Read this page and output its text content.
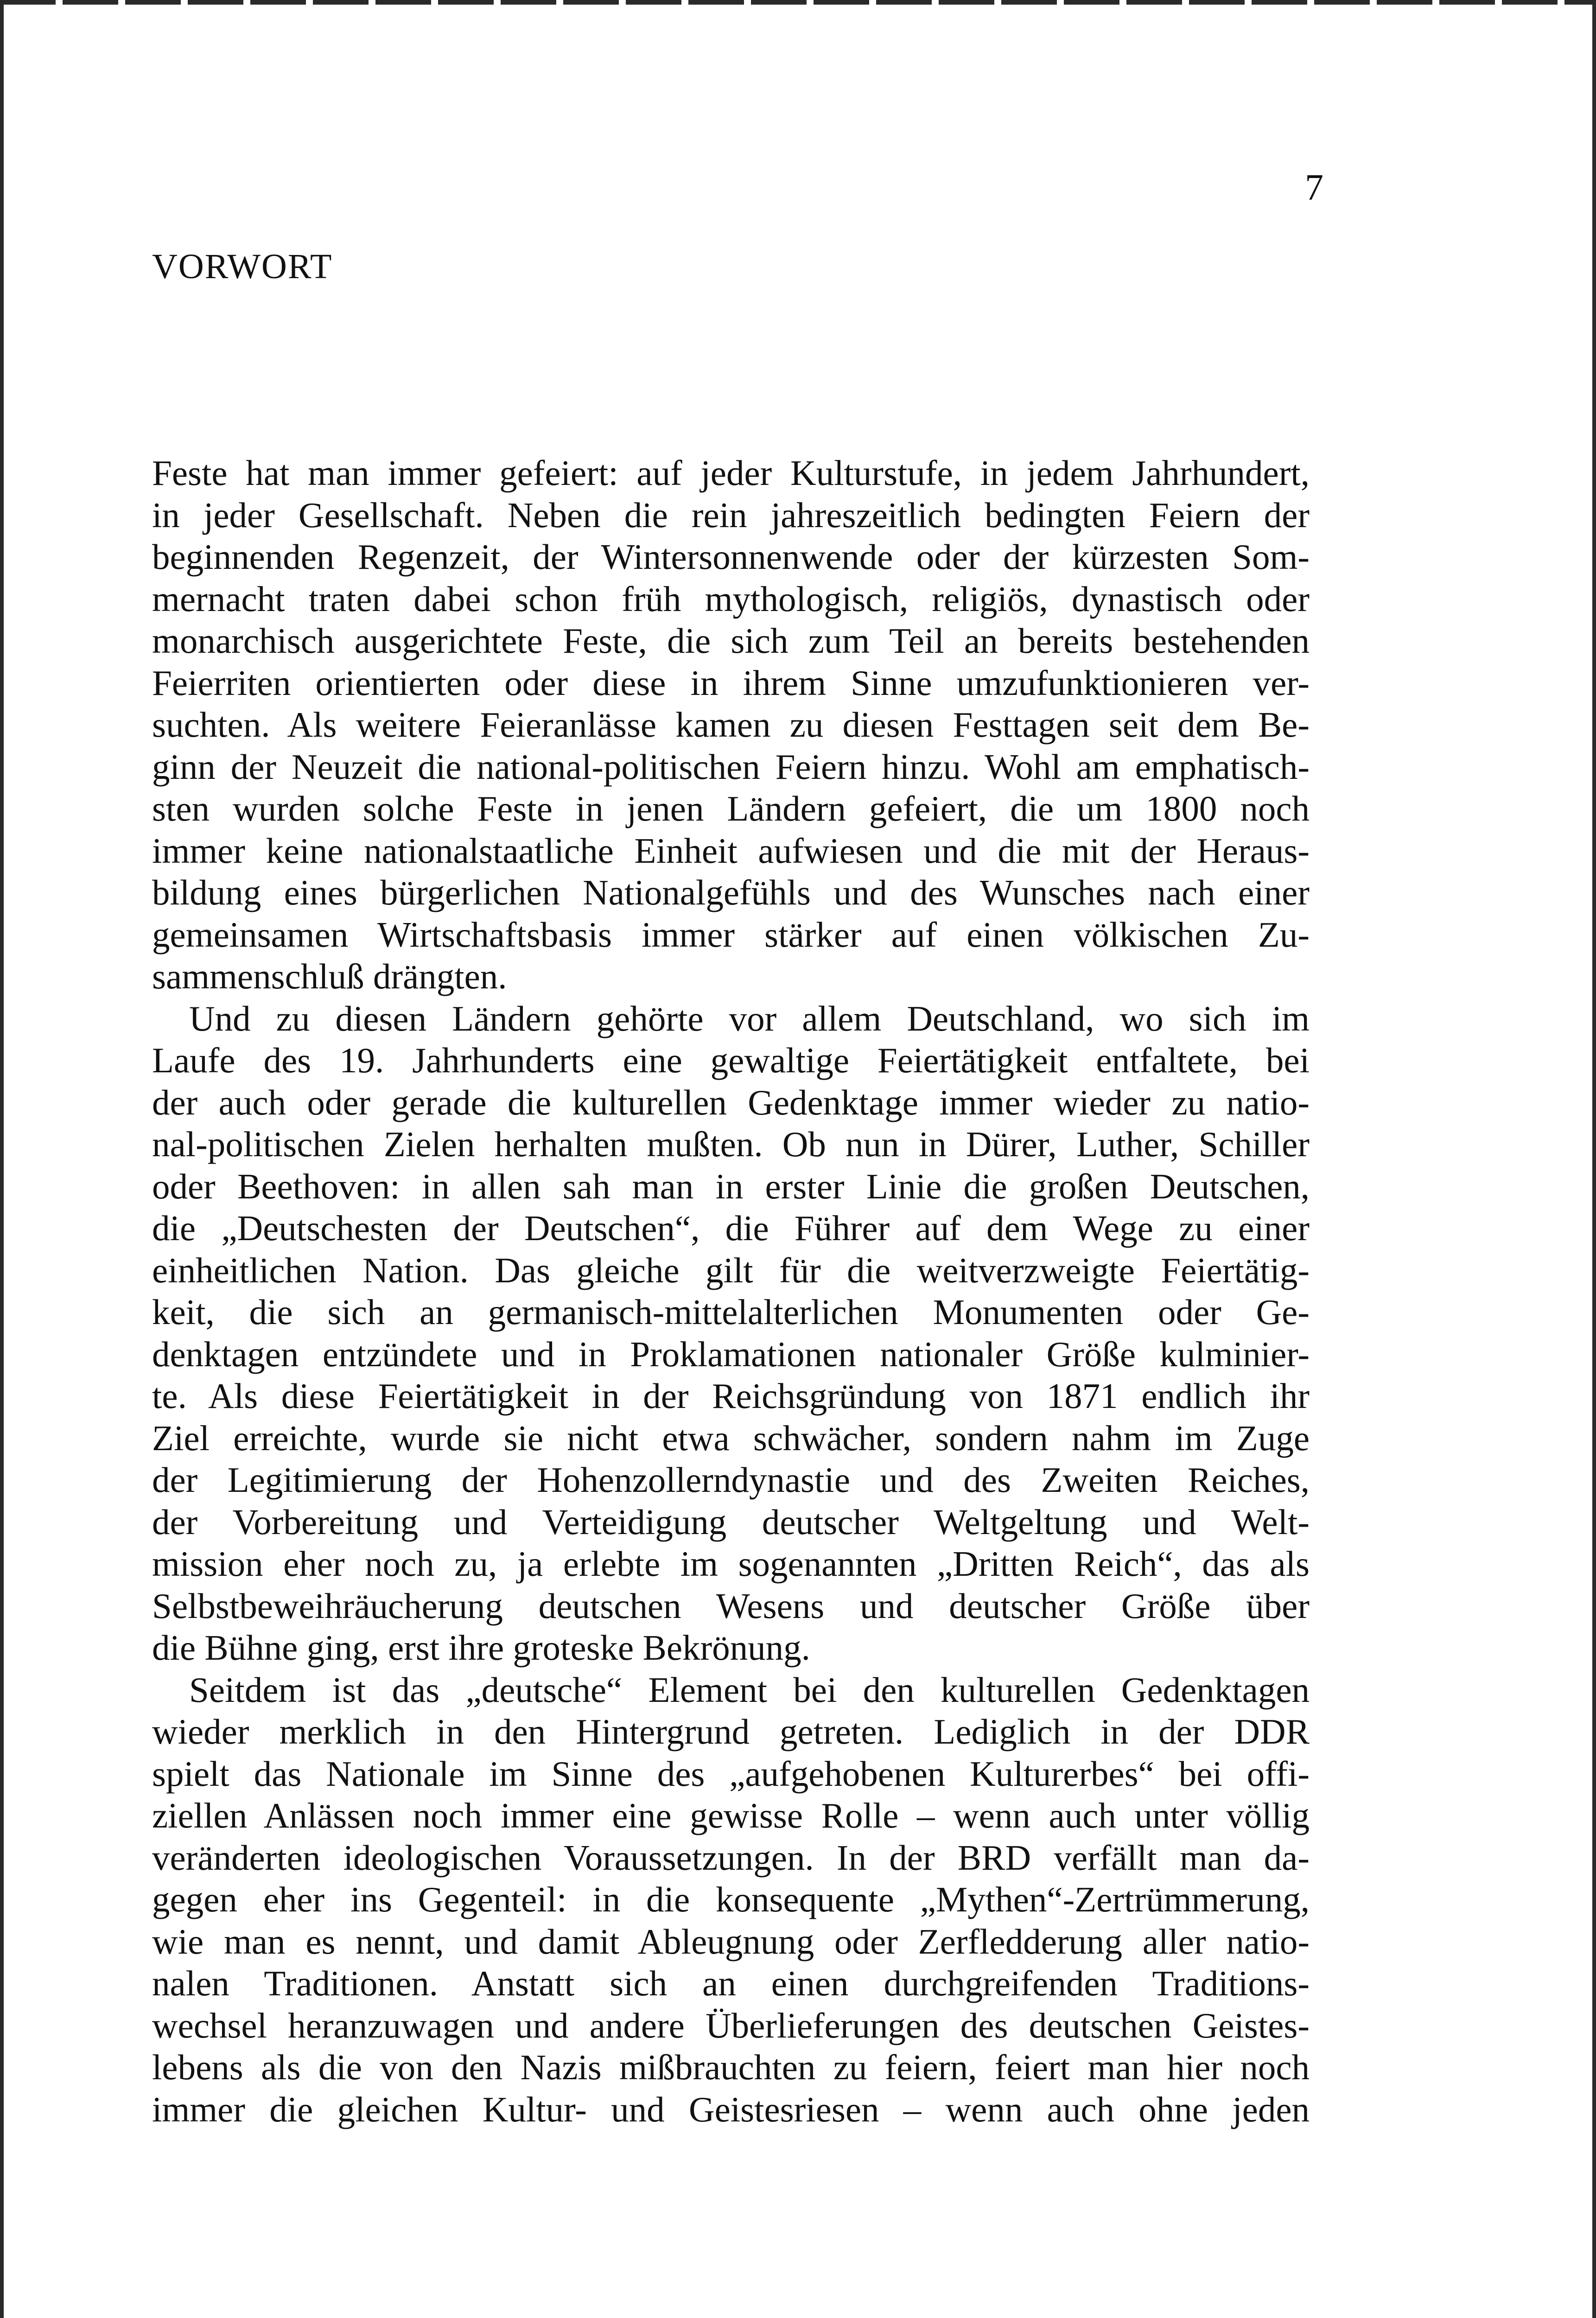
7
VORWORT

Feste hat man immer gefeiert: auf jeder Kulturstufe, in jedem Jahrhundert,
in jeder Gesellschaft. Neben die rein jahreszeitlich bedingten Feiern der
beginnenden Regenzeit, der Wintersonnenwende oder der kürzesten Som-
mernacht traten dabei schon früh mythologisch, religiös, dynastisch oder
monarchisch ausgerichtete Feste, die sich zum Teil an bereits bestehenden
Feierriten orientierten oder diese in ihrem Sinne umzufunktionieren ver-
suchten. Als weitere Feieranlässe kamen zu diesen Festtagen seit dem Be-
ginn der Neuzeit die national-politischen Feiern hinzu. Wohl am emphatisch-
sten wurden solche Feste in jenen Ländern gefeiert, die um 1800 noch
immer keine nationalstaatliche Einheit aufwiesen und die mit der Heraus-
bildung eines bürgerlichen Nationalgefühls und des Wunsches nach einer
gemeinsamen Wirtschaftsbasis immer stärker auf einen völkischen Zu-
sammenschluß drängten.

Und zu diesen Ländern gehörte vor allem Deutschland, wo sich im
Laufe des 19. Jahrhunderts eine gewaltige Feiertätigkeit entfaltete, bei
der auch oder gerade die kulturellen Gedenktage immer wieder zu natio-
nal-politischen Zielen herhalten mußten. Ob nun in Dürer, Luther, Schiller
oder Beethoven: in allen sah man in erster Linie die großen Deutschen,
die „Deutschesten der Deutschen“, die Führer auf dem Wege zu einer
einheitlichen Nation. Das gleiche gilt für die weitverzweigte Feiertätig-
keit, die sich an germanisch-mittelalterlichen Monumenten oder Ge-
denktagen entzündete und in Proklamationen nationaler Größe kulminier-
te. Als diese Feiertätigkeit in der Reichsgründung von 1871 endlich ihr
Ziel erreichte, wurde sie nicht etwa schwächer, sondern nahm im Zuge
der Legitimierung der Hohenzollerndynastie und des Zweiten Reiches,
der Vorbereitung und Verteidigung deutscher Weltgeltung und Welt-
mission eher noch zu, ja erlebte im sogenannten „Dritten Reich“, das als
Selbstbeweihräucherung deutschen Wesens und deutscher Größe über
die Bühne ging, erst ihre groteske Bekrönung.

Seitdem ist das „deutsche“ Element bei den kulturellen Gedenktagen
wieder merklich in den Hintergrund getreten. Lediglich in der DDR
spielt das Nationale im Sinne des „aufgehobenen Kulturerbes“ bei offi-
ziellen Anlässen noch immer eine gewisse Rolle – wenn auch unter völlig
veränderten ideologischen Voraussetzungen. In der BRD verfällt man da-
gegen eher ins Gegenteil: in die konsequente „Mythen“-Zertrümmerung,
wie man es nennt, und damit Ableugnung oder Zerfledderung aller natio-
nalen Traditionen. Anstatt sich an einen durchgreifenden Traditions-
wechsel heranzuwagen und andere Überlieferungen des deutschen Geistes-
lebens als die von den Nazis mißbrauchten zu feiern, feiert man hier noch
immer die gleichen Kultur- und Geistesriesen – wenn auch ohne jeden
